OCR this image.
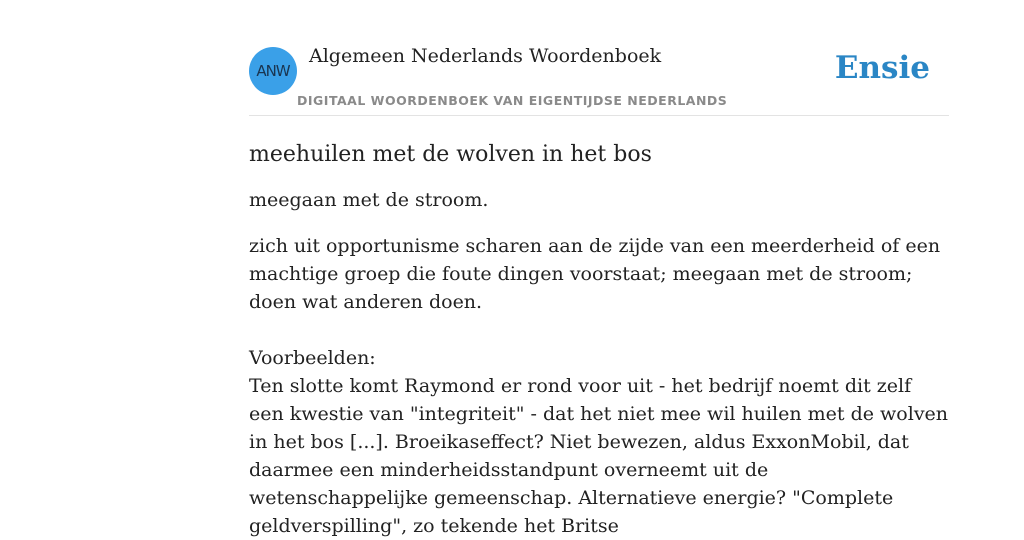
ANW
Algemeen Nederlands Woordenboek
DIGITAAL WOORDENBOEK VAN EIGENTIJDSE NEDERLANDS
Ensie
meehuilen met de wolven in het bos

meegaan met de stroom.

zich uit opportunisme scharen aan de zijde van een meerderheid of een machtige groep die foute dingen voorstaat; meegaan met de stroom; doen wat anderen doen.

Voorbeelden:

Ten slotte komt Raymond er rond voor uit - het bedrijf noemt dit zelf een kwestie van "integriteit" - dat het niet mee wil huilen met de wolven in het bos [...]. Broeikaseffect? Niet bewezen, aldus ExxonMobil, dat daarmee een minderheidsstandpunt overneemt uit de wetenschappelijke gemeenschap. Alternatieve energie? "Complete geldverspilling", zo tekende het Britse
